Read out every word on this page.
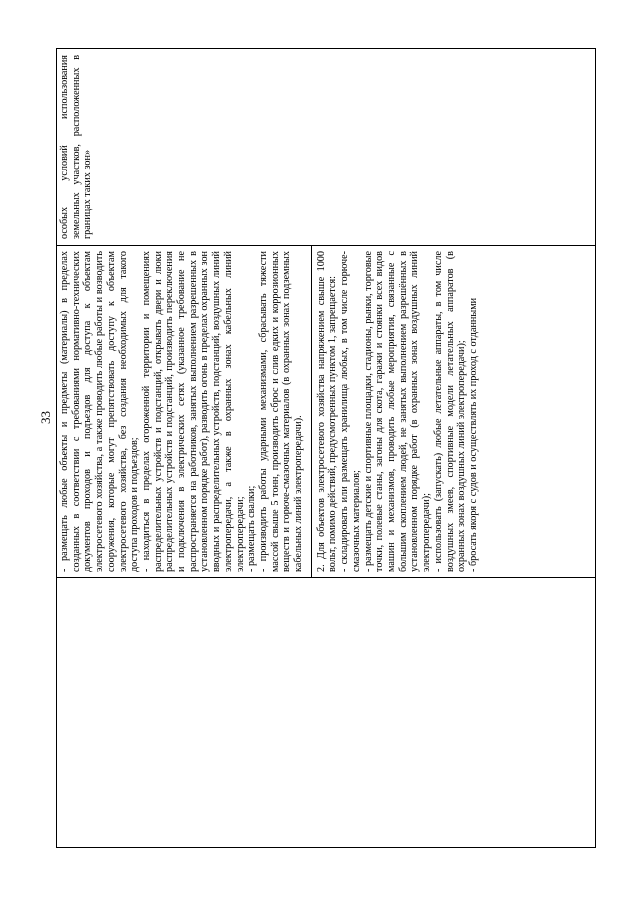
33 - размещать любые объекты и предметы (материалы) в пределах созданных в соответствии с требованиями нормативно-технических документов проходов и подъездов для доступа к объектам электросетевого хозяйства, а также проводить любые работы и возводить сооружения, которые могут препятствовать доступу к объектам электросетевого хозяйства, без создания необходимых для такого доступа проходов и подъездов; - находиться в пределах огороженной территории и помещениях распределительных устройств и подстанций, открывать двери и люки распределительных устройств и подстанций, производить переключения и подключения в электрических сетях (указанное требование не распространяется на работников, занятых выполнением разрешенных в установленном порядке работ), разводить огонь в пределах охранных зон вводных и распределительных устройств, подстанций, воздушных линий электропередачи, а также в охранных зонах кабельных линий электропередачи; - размещать свалки; - производить работы ударными механизмами, сбрасывать тяжести массой свыше 5 тонн, производить сброс и слив едких и коррозионных веществ и горюче-смазочных материалов (в охранных зонах подземных кабельных линий электропередачи). 2. Для объектов электросетевого хозяйства напряжением свыше 1000 вольт, помимо действий, предусмотренных пунктом 1, запрещается: - складировать или размещать хранилища любых, в том числе горюче-смазочных материалов; - размещать детские и спортивные площадки, стадионы, рынки, торговые точки, полевые станы, загоны для скота, гаражи и стоянки всех видов машин и механизмов, проводить любые мероприятия, связанные с большим скоплением людей, не занятых выполнением разрешённых в установленном порядке работ (в охранных зонах воздушных линий электропередачи); - использовать (запускать) любые летательные аппараты, в том числе воздушных змеев, спортивные модели летательных аппаратов (в охранных зонах воздушных линий электропередачи); - бросать якоря с судов и осуществлять их проход с отданными

особых условий использования земельных участков, расположенных в границах таких зон»
